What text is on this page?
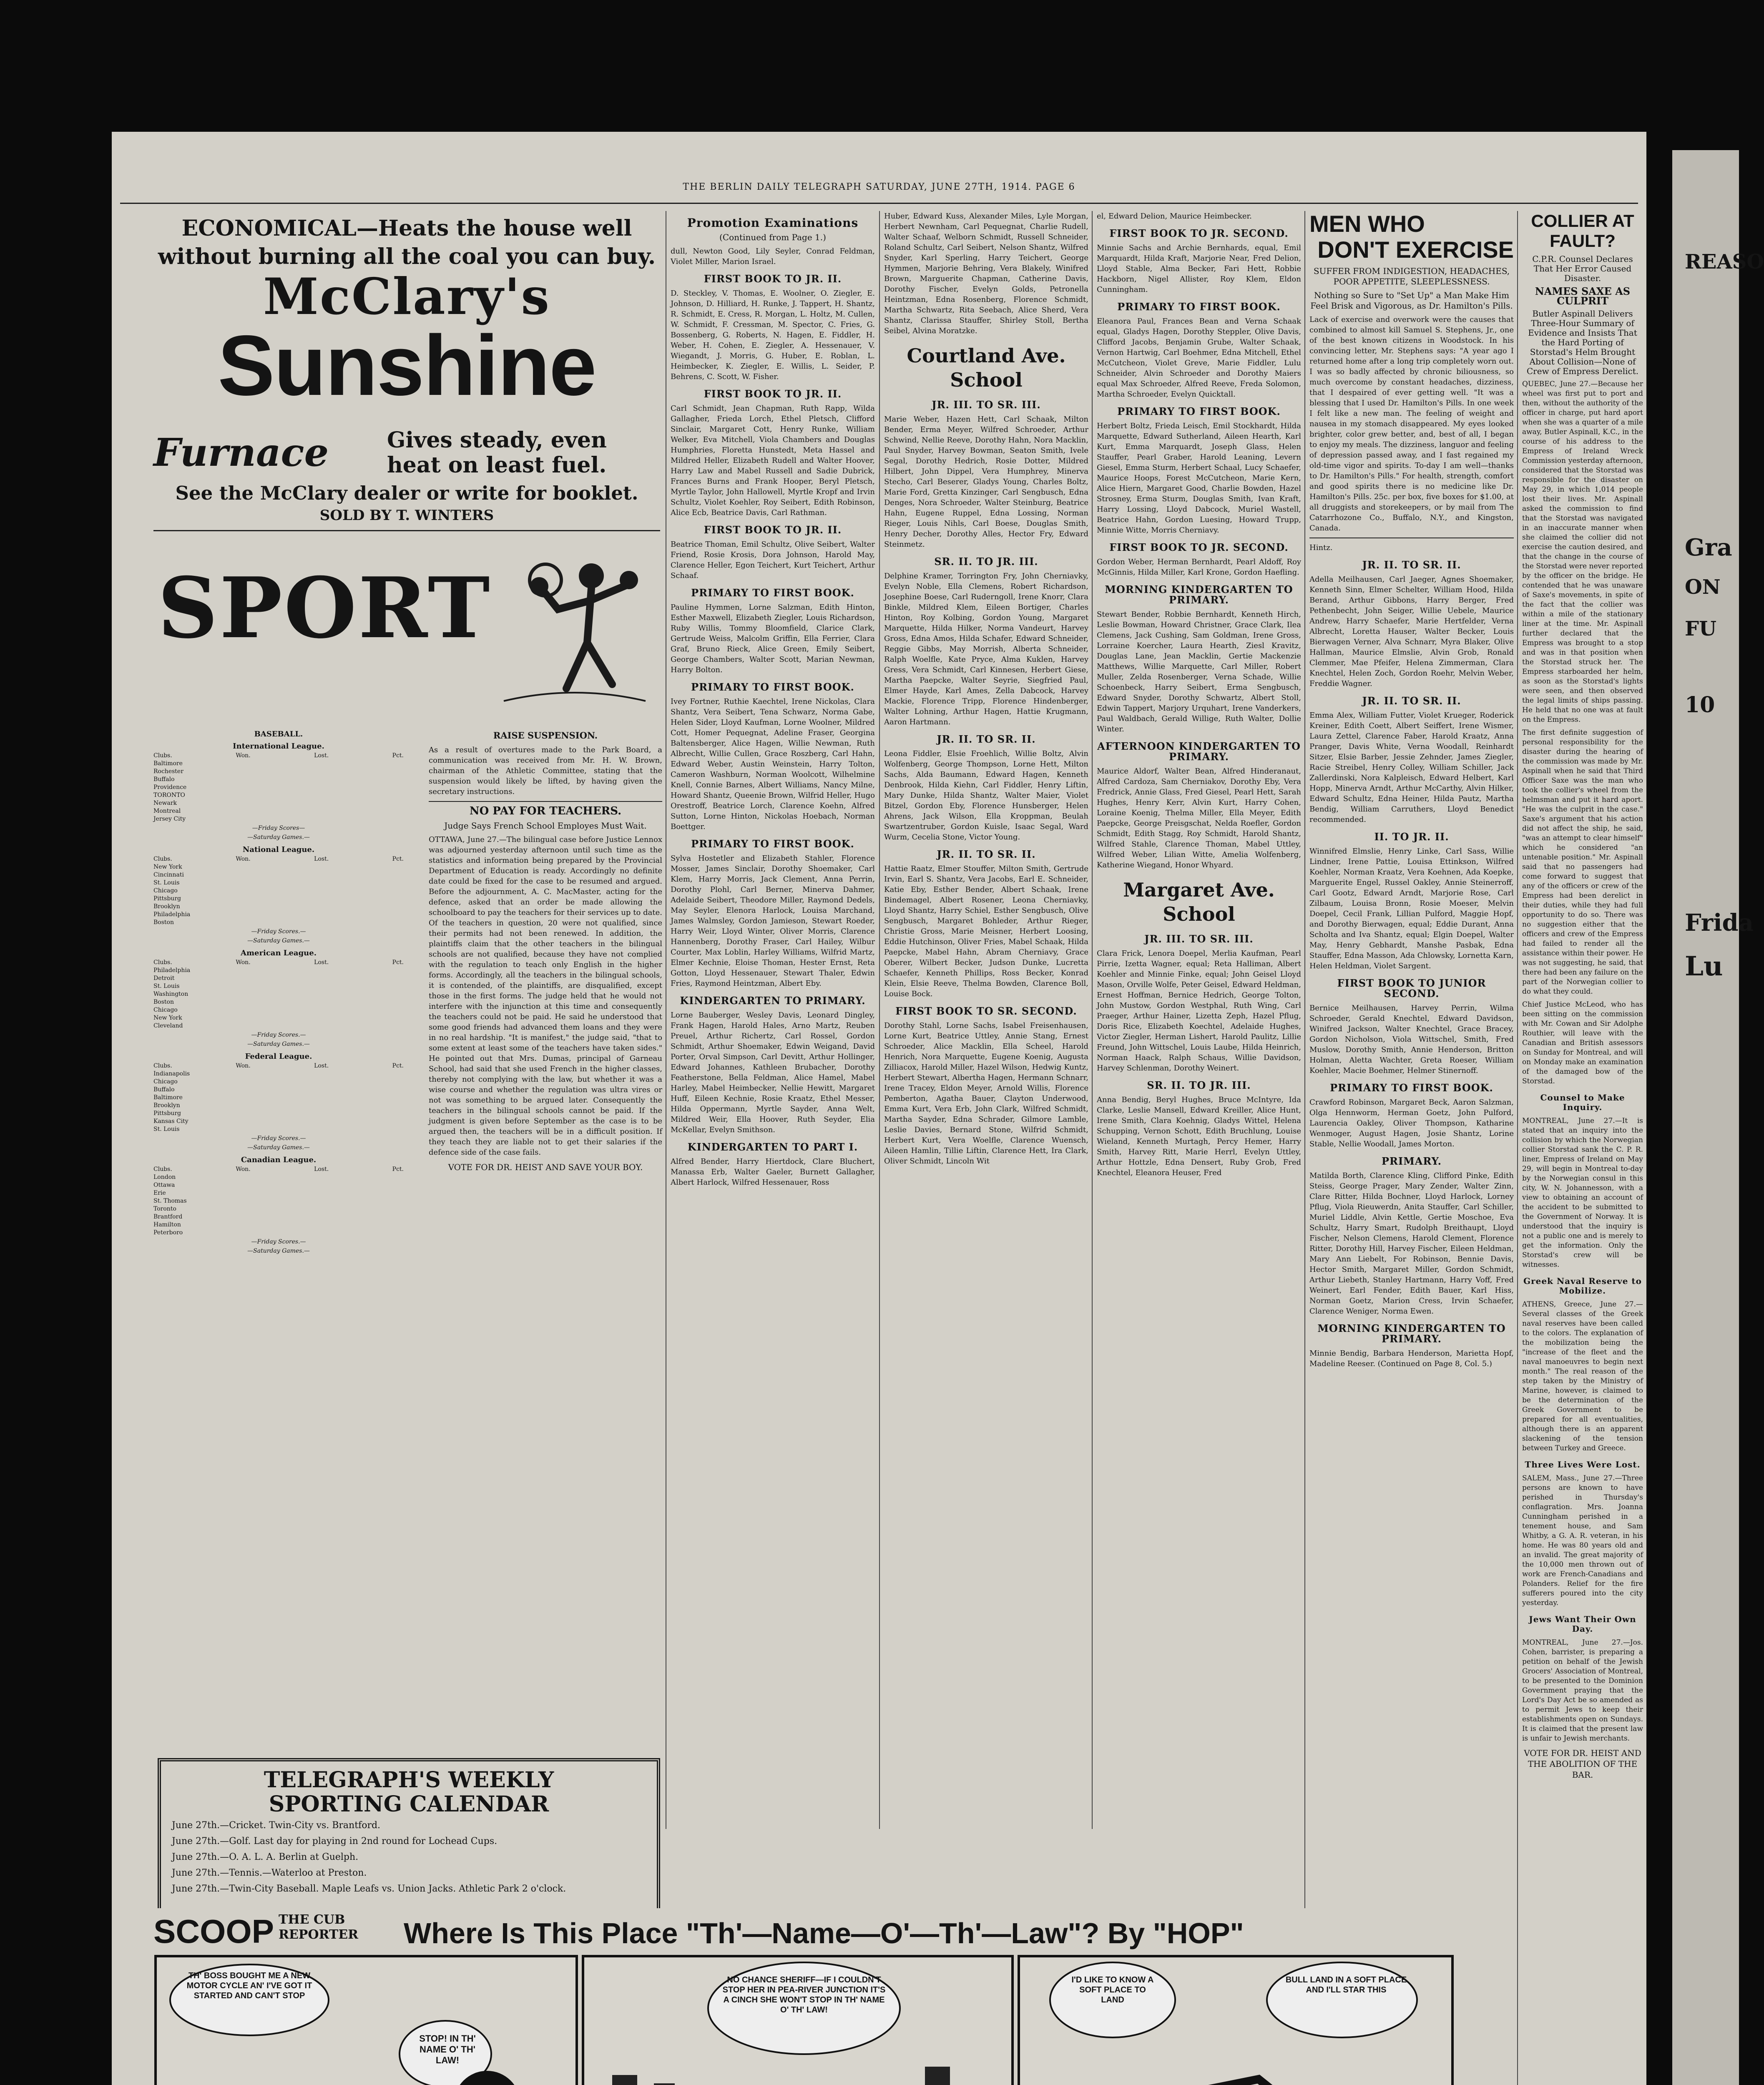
REASO
Gra
ON
FU
10
Frida
Lu
THE BERLIN DAILY TELEGRAPH SATURDAY, JUNE 27TH, 1914. PAGE 6
ECONOMICAL—Heats the house well
without burning all the coal you can buy.
McClary's
Sunshine
Furnace	Gives steady, even heat on least fuel.
See the McClary dealer or write for booklet.
SOLD BY T. WINTERS
SPORT
BASEBALL.
International League.
Clubs.	Won.	Lost.	Pct.
Baltimore
Rochester
Buffalo
Providence
TORONTO
Newark
Montreal
Jersey City
—Friday Scores—
—Saturday Games.—
National League.
Clubs.	Won.	Lost.	Pct.
New York
Cincinnati
St. Louis
Chicago
Pittsburg
Brooklyn
Philadelphia
Boston
—Friday Scores.—
—Saturday Games.—
American League.
Clubs.	Won.	Lost.	Pct.
Philadelphia
Detroit
St. Louis
Washington
Boston
Chicago
New York
Cleveland
—Friday Scores.—
—Saturday Games.—
Federal League.
Clubs.	Won.	Lost.	Pct.
Indianapolis
Chicago
Buffalo
Baltimore
Brooklyn
Pittsburg
Kansas City
St. Louis
—Friday Scores.—
—Saturday Games.—
Canadian League.
Clubs.	Won.	Lost.	Pct.
London
Ottawa
Erie
St. Thomas
Toronto
Brantford
Hamilton
Peterboro
—Friday Scores.—
—Saturday Games.—
RAISE SUSPENSION.

As a result of overtures made to the Park Board, a communication was received from Mr. H. W. Brown, chairman of the Athletic Committee, stating that the suspension would likely be lifted, by having given the secretary instructions.

NO PAY FOR TEACHERS.
Judge Says French School Employes Must Wait.

OTTAWA, June 27.—The bilingual case before Justice Lennox was adjourned yesterday afternoon until such time as the statistics and information being prepared by the Provincial Department of Education is ready. Accordingly no definite date could be fixed for the case to be resumed and argued. Before the adjournment, A. C. MacMaster, acting for the defence, asked that an order be made allowing the schoolboard to pay the teachers for their services up to date. Of the teachers in question, 20 were not qualified, since their permits had not been renewed. In addition, the plaintiffs claim that the other teachers in the bilingual schools are not qualified, because they have not complied with the regulation to teach only English in the higher forms. Accordingly, all the teachers in the bilingual schools, it is contended, of the plaintiffs, are disqualified, except those in the first forms. The judge held that he would not interfere with the injunction at this time and consequently the teachers could not be paid. He said he understood that some good friends had advanced them loans and they were in no real hardship. "It is manifest," the judge said, "that to some extent at least some of the teachers have taken sides." He pointed out that Mrs. Dumas, principal of Garneau School, had said that she used French in the higher classes, thereby not complying with the law, but whether it was a wise course and whether the regulation was ultra vires or not was something to be argued later. Consequently the teachers in the bilingual schools cannot be paid. If the judgment is given before September as the case is to be argued then, the teachers will be in a difficult position. If they teach they are liable not to get their salaries if the defence side of the case fails.

VOTE FOR DR. HEIST AND SAVE YOUR BOY.
TELEGRAPH'S WEEKLY
SPORTING CALENDAR
June 27th.—Cricket. Twin-City vs. Brantford.
June 27th.—Golf. Last day for playing in 2nd round for Lochead Cups.
June 27th.—O. A. L. A. Berlin at Guelph.
June 27th.—Tennis.—Waterloo at Preston.
June 27th.—Twin-City Baseball. Maple Leafs vs. Union Jacks. Athletic Park 2 o'clock.
Promotion Examinations
(Continued from Page 1.)

dull, Newton Good, Lily Seyler, Conrad Feldman, Violet Miller, Marion Israel.

FIRST BOOK TO JR. II.

D. Steckley, V. Thomas, E. Woolner, O. Ziegler, E. Johnson, D. Hilliard, H. Runke, J. Tappert, H. Shantz, R. Schmidt, E. Cress, R. Morgan, L. Holtz, M. Cullen, W. Schmidt, F. Cressman, M. Spector, C. Fries, G. Bossenberg, G. Roberts, N. Hagen, E. Fiddler, H. Weber, H. Cohen, E. Ziegler, A. Hessenauer, V. Wiegandt, J. Morris, G. Huber, E. Roblan, L. Heimbecker, K. Ziegler, E. Willis, L. Seider, P. Behrens, C. Scott, W. Fisher.

FIRST BOOK TO JR. II.

Carl Schmidt, Jean Chapman, Ruth Rapp, Wilda Gallagher, Frieda Lorch, Ethel Pletsch, Clifford Sinclair, Margaret Cott, Henry Runke, William Welker, Eva Mitchell, Viola Chambers and Douglas Humphries, Floretta Hunstedt, Meta Hassel and Mildred Heller, Elizabeth Rudell and Walter Hoover, Harry Law and Mabel Russell and Sadie Dubrick, Frances Burns and Frank Hooper, Beryl Pletsch, Myrtle Taylor, John Hallowell, Myrtle Kropf and Irvin Schultz, Violet Koehler, Roy Seibert, Edith Robinson, Alice Ecb, Beatrice Davis, Carl Rathman.

FIRST BOOK TO JR. II.

Beatrice Thoman, Emil Schultz, Olive Seibert, Walter Friend, Rosie Krosis, Dora Johnson, Harold May, Clarence Heller, Egon Teichert, Kurt Teichert, Arthur Schaaf.

PRIMARY TO FIRST BOOK.

Pauline Hymmen, Lorne Salzman, Edith Hinton, Esther Maxwell, Elizabeth Ziegler, Louis Richardson, Ruby Willis, Tommy Bloomfield, Clarice Clark, Gertrude Weiss, Malcolm Griffin, Ella Ferrier, Clara Graf, Bruno Rieck, Alice Green, Emily Seibert, George Chambers, Walter Scott, Marian Newman, Harry Bolton.

PRIMARY TO FIRST BOOK.

Ivey Fortner, Ruthie Kaechtel, Irene Nickolas, Clara Shantz, Vera Seibert, Tena Schwarz, Norma Gabe, Helen Sider, Lloyd Kaufman, Lorne Woolner, Mildred Cott, Homer Pequegnat, Adeline Fraser, Georgina Baltensberger, Alice Hagen, Willie Newman, Ruth Albrecht, Willie Cullen, Grace Roszberg, Carl Hahn, Edward Weber, Austin Weinstein, Harry Tolton, Cameron Washburn, Norman Woolcott, Wilhelmine Knell, Connie Barnes, Albert Williams, Nancy Milne, Howard Shantz, Queenie Brown, Wilfrid Heller, Hugo Orestroff, Beatrice Lorch, Clarence Koehn, Alfred Sutton, Lorne Hinton, Nickolas Hoebach, Norman Boettger.

PRIMARY TO FIRST BOOK.

Sylva Hostetler and Elizabeth Stahler, Florence Mosser, James Sinclair, Dorothy Shoemaker, Carl Klem, Harry Morris, Jack Clement, Anna Perrin, Dorothy Plohl, Carl Berner, Minerva Dahmer, Adelaide Seibert, Theodore Miller, Raymond Dedels, May Seyler, Elenora Harlock, Louisa Marchand, James Walmsley, Gordon Jamieson, Stewart Roeder, Harry Weir, Lloyd Winter, Oliver Morris, Clarence Hannenberg, Dorothy Fraser, Carl Hailey, Wilbur Courter, Max Loblin, Harley Williams, Wilfrid Martz, Elmer Kechnie, Eloise Thoman, Hester Ernst, Reta Gotton, Lloyd Hessenauer, Stewart Thaler, Edwin Fries, Raymond Heintzman, Albert Eby.

KINDERGARTEN TO PRIMARY.

Lorne Bauberger, Wesley Davis, Leonard Dingley, Frank Hagen, Harold Hales, Arno Martz, Reuben Preuel, Arthur Richertz, Carl Rossel, Gordon Schmidt, Arthur Shoemaker, Edwin Weigand, David Porter, Orval Simpson, Carl Devitt, Arthur Hollinger, Edward Johannes, Kathleen Brubacher, Dorothy Featherstone, Bella Feldman, Alice Hamel, Mabel Harley, Mabel Heimbecker, Nellie Hewitt, Margaret Huff, Eileen Kechnie, Rosie Kraatz, Ethel Messer, Hilda Oppermann, Myrtle Sayder, Anna Welt, Mildred Weir, Ella Hoover, Ruth Seyder, Elia McKellar, Evelyn Smithson.

KINDERGARTEN TO PART I.

Alfred Bender, Harry Hiertdock, Clare Bluchert, Manassa Erb, Walter Gaeler, Burnett Gallagher, Albert Harlock, Wilfred Hessenauer, Ross

Huber, Edward Kuss, Alexander Miles, Lyle Morgan, Herbert Newnham, Carl Pequegnat, Charlie Rudell, Walter Schaaf, Welborn Schmidt, Russell Schneider, Roland Schultz, Carl Seibert, Nelson Shantz, Wilfred Snyder, Karl Sperling, Harry Teichert, George Hymmen, Marjorie Behring, Vera Blakely, Winifred Brown, Marguerite Chapman, Catherine Davis, Dorothy Fischer, Evelyn Golds, Petronella Heintzman, Edna Rosenberg, Florence Schmidt, Martha Schwartz, Rita Seebach, Alice Sherd, Vera Shantz, Clarissa Stauffer, Shirley Stoll, Bertha Seibel, Alvina Moratzke.

Courtland Ave. School
JR. III. TO SR. III.

Marie Weber, Hazen Hett, Carl Schaak, Milton Bender, Erma Meyer, Wilfred Schroeder, Arthur Schwind, Nellie Reeve, Dorothy Hahn, Nora Macklin, Paul Snyder, Harvey Bowman, Seaton Smith, Ivele Segal, Dorothy Hedrich, Rosie Dotter, Mildred Hilbert, John Dippel, Vera Humphrey, Minerva Stecho, Carl Beserer, Gladys Young, Charles Boltz, Marie Ford, Gretta Kinzinger, Carl Sengbusch, Edna Denges, Nora Schroeder, Walter Steinburg, Beatrice Hahn, Eugene Ruppel, Edna Lossing, Norman Rieger, Louis Nihls, Carl Boese, Douglas Smith, Henry Decher, Dorothy Alles, Hector Fry, Edward Steinmetz.

SR. II. TO JR. III.

Delphine Kramer, Torrington Fry, John Cherniavky, Evelyn Noble, Ella Clemens, Robert Richardson, Josephine Boese, Carl Ruderngoll, Irene Knorr, Clara Binkle, Mildred Klem, Eileen Bortiger, Charles Hinton, Roy Kolbing, Gordon Young, Margaret Marquette, Hilda Hilker, Norma Vandeurt, Harvey Gross, Edna Amos, Hilda Schafer, Edward Schneider, Reggie Gibbs, May Morrish, Alberta Schneider, Ralph Woelfle, Kate Pryce, Alma Kuklen, Harvey Gress, Vera Schmidt, Carl Kinnesen, Herbert Giese, Martha Paepcke, Walter Seyrie, Siegfried Paul, Elmer Hayde, Karl Ames, Zella Dabcock, Harvey Mackie, Florence Tripp, Florence Hindenberger, Walter Lohning, Arthur Hagen, Hattie Krugmann, Aaron Hartmann.

JR. II. TO SR. II.

Leona Fiddler, Elsie Froehlich, Willie Boltz, Alvin Wolfenberg, George Thompson, Lorne Hett, Milton Sachs, Alda Baumann, Edward Hagen, Kenneth Denbrook, Hilda Kiehn, Carl Fiddler, Henry Liftin, Mary Dunke, Hilda Shantz, Walter Maier, Violet Bitzel, Gordon Eby, Florence Hunsberger, Helen Ahrens, Jack Wilson, Ella Kroppman, Beulah Swartzentruber, Gordon Kuisle, Isaac Segal, Ward Wurm, Cecelia Stone, Victor Young.

JR. II. TO SR. II.

Hattie Raatz, Elmer Stouffer, Milton Smith, Gertrude Irvin, Earl S. Shantz, Vera Jacobs, Earl E. Schneider, Katie Eby, Esther Bender, Albert Schaak, Irene Bindemagel, Albert Rosener, Leona Cherniavky, Lloyd Shantz, Harry Schiel, Esther Sengbusch, Olive Sengbusch, Margaret Bohleder, Arthur Rieger, Christie Gross, Marie Meisner, Herbert Loosing, Eddie Hutchinson, Oliver Fries, Mabel Schaak, Hilda Paepcke, Mabel Hahn, Abram Cherniavy, Grace Oberer, Wilbert Becker, Judson Dunke, Lucretta Schaefer, Kenneth Phillips, Ross Becker, Konrad Klein, Elsie Reeve, Thelma Bowden, Clarence Boll, Louise Bock.

FIRST BOOK TO SR. SECOND.

Dorothy Stahl, Lorne Sachs, Isabel Freisenhausen, Lorne Kurt, Beatrice Uttley, Annie Stang, Ernest Schroeder, Alice Macklin, Ella Scheel, Harold Henrich, Nora Marquette, Eugene Koenig, Augusta Zilliacox, Harold Miller, Hazel Wilson, Hedwig Kuntz, Herbert Stewart, Albertha Hagen, Hermann Schnarr, Irene Tracey, Eldon Meyer, Arnold Willis, Florence Pemberton, Agatha Bauer, Clayton Underwood, Emma Kurt, Vera Erb, John Clark, Wilfred Schmidt, Martha Sayder, Edna Schrader, Gilmore Lamble, Leslie Davies, Bernard Stone, Wilfrid Schmidt, Herbert Kurt, Vera Woelfle, Clarence Wuensch, Aileen Hamlin, Tillie Liftin, Clarence Hett, Ira Clark, Oliver Schmidt, Lincoln Wit

el, Edward Delion, Maurice Heimbecker.

FIRST BOOK TO JR. SECOND.

Minnie Sachs and Archie Bernhards, equal, Emil Marquardt, Hilda Kraft, Marjorie Near, Fred Delion, Lloyd Stable, Alma Becker, Fari Hett, Robbie Hackborn, Nigel Allister, Roy Klem, Eldon Cunningham.

PRIMARY TO FIRST BOOK.

Eleanora Paul, Frances Bean and Verna Schaak equal, Gladys Hagen, Dorothy Steppler, Olive Davis, Clifford Jacobs, Benjamin Grube, Walter Schaak, Vernon Hartwig, Carl Boehmer, Edna Mitchell, Ethel McCutcheon, Violet Greve, Marie Fiddler, Lulu Schneider, Alvin Schroeder and Dorothy Maiers equal Max Schroeder, Alfred Reeve, Freda Solomon, Martha Schroeder, Evelyn Quicktall.

PRIMARY TO FIRST BOOK.

Herbert Boltz, Frieda Leisch, Emil Stockhardt, Hilda Marquette, Edward Sutherland, Aileen Hearth, Karl Kurt, Emma Marquardt, Joseph Glass, Helen Stauffer, Pearl Graber, Harold Leaning, Levern Giesel, Emma Sturm, Herbert Schaal, Lucy Schaefer, Maurice Hoops, Forest McCutcheon, Marie Kern, Alice Hiern, Margaret Good, Charlie Bowden, Hazel Strosney, Erma Sturm, Douglas Smith, Ivan Kraft, Harry Lossing, Lloyd Dabcock, Muriel Wastell, Beatrice Hahn, Gordon Luesing, Howard Trupp, Minnie Witte, Morris Cherniavy.

FIRST BOOK TO JR. SECOND.

Gordon Weber, Herman Bernhardt, Pearl Aldoff, Roy McGinnis, Hilda Miller, Karl Krone, Gordon Haefling.

MORNING KINDERGARTEN TO PRIMARY.

Stewart Bender, Robbie Bernhardt, Kenneth Hirch, Leslie Bowman, Howard Christner, Grace Clark, Ilea Clemens, Jack Cushing, Sam Goldman, Irene Gross, Lorraine Koercher, Laura Hearth, Ziesl Kravitz, Douglas Lane, Jean Macklin, Gertie Mackenzie Matthews, Willie Marquette, Carl Miller, Robert Muller, Zelda Rosenberger, Verna Schade, Willie Schoenbeck, Harry Seibert, Erma Sengbusch, Edward Snyder, Dorothy Schwartz, Albert Stoll, Edwin Tappert, Marjory Urquhart, Irene Vanderkers, Paul Waldbach, Gerald Willige, Ruth Walter, Dollie Winter.

AFTERNOON KINDERGARTEN TO PRIMARY.

Maurice Aldorf, Walter Bean, Alfred Hinderanaut, Alfred Cardoza, Sam Cherniakov, Dorothy Eby, Vera Fredrick, Annie Glass, Fred Giesel, Pearl Hett, Sarah Hughes, Henry Kerr, Alvin Kurt, Harry Cohen, Loraine Koenig, Thelma Miller, Ella Meyer, Edith Paepcke, George Preisgschat, Nelda Roefler, Gordon Schmidt, Edith Stagg, Roy Schmidt, Harold Shantz, Wilfred Stahle, Clarence Thoman, Mabel Uttley, Wilfred Weber, Lilian Witte, Amelia Wolfenberg, Katherine Wiegand, Honor Whyard.

Margaret Ave. School
JR. III. TO SR. III.

Clara Frick, Lenora Doepel, Merlia Kaufman, Pearl Pirrie, Izetta Wagner, equal; Reta Halliman, Albert Koehler and Minnie Finke, equal; John Geisel Lloyd Mason, Orville Wolfe, Peter Geisel, Edward Heldman, Ernest Hoffman, Bernice Hedrich, George Tolton, John Mustow, Gordon Westphal, Ruth Wing, Carl Praeger, Arthur Hainer, Lizetta Zeph, Hazel Pflug, Doris Rice, Elizabeth Koechtel, Adelaide Hughes, Victor Ziegler, Herman Lishert, Harold Paulitz, Lillie Freund, John Wittschel, Louis Laube, Hilda Heinrich, Norman Haack, Ralph Schaus, Willie Davidson, Harvey Schlenman, Dorothy Weinert.

SR. II. TO JR. III.

Anna Bendig, Beryl Hughes, Bruce McIntyre, Ida Clarke, Leslie Mansell, Edward Kreiller, Alice Hunt, Irene Smith, Clara Koehnig, Gladys Wittel, Helena Schupping, Vernon Schott, Edith Bruchlung, Louise Wieland, Kenneth Murtagh, Percy Hemer, Harry Smith, Harvey Ritt, Marie Herrl, Evelyn Uttley, Arthur Hottzle, Edna Densert, Ruby Grob, Fred Knechtel, Eleanora Heuser, Fred

MEN WHO
DON'T EXERCISE
SUFFER FROM INDIGESTION, HEADACHES, POOR APPETITE, SLEEPLESSNESS.
Nothing so Sure to "Set Up" a Man Make Him Feel Brisk and Vigorous, as Dr. Hamilton's Pills.

Lack of exercise and overwork were the causes that combined to almost kill Samuel S. Stephens, Jr., one of the best known citizens in Woodstock. In his convincing letter, Mr. Stephens says: "A year ago I returned home after a long trip completely worn out. I was so badly affected by chronic biliousness, so much overcome by constant headaches, dizziness, that I despaired of ever getting well. "It was a blessing that I used Dr. Hamilton's Pills. In one week I felt like a new man. The feeling of weight and nausea in my stomach disappeared. My eyes looked brighter, color grew better, and, best of all, I began to enjoy my meals. The dizziness, languor and feeling of depression passed away, and I fast regained my old-time vigor and spirits. To-day I am well—thanks to Dr. Hamilton's Pills." For health, strength, comfort and good spirits there is no medicine like Dr. Hamilton's Pills. 25c. per box, five boxes for $1.00, at all druggists and storekeepers, or by mail from The Catarrhozone Co., Buffalo, N.Y., and Kingston, Canada.

Hintz.

JR. II. TO SR. II.

Adella Meilhausen, Carl Jaeger, Agnes Shoemaker, Kenneth Sinn, Elmer Schelter, William Hood, Hilda Berand, Arthur Gibbons, Harry Berger, Fred Pethenbecht, John Seiger, Willie Uebele, Maurice Andrew, Harry Schaefer, Marie Hertfelder, Verna Albrecht, Loretta Hauser, Walter Becker, Louis Bierwagen Verner, Alva Schnarr, Myra Blaker, Olive Hallman, Maurice Elmslie, Alvin Grob, Ronald Clemmer, Mae Pfeifer, Helena Zimmerman, Clara Knechtel, Helen Zoch, Gordon Roehr, Melvin Weber, Freddie Wagner.

JR. II. TO SR. II.

Emma Alex, William Futter, Violet Krueger, Roderick Kreiner, Edith Coett, Albert Seiffert, Irene Wismer, Laura Zettel, Clarence Faber, Harold Kraatz, Anna Pranger, Davis White, Verna Woodall, Reinhardt Sitzer, Elsie Barber, Jessie Zehnder, James Ziegler, Racie Streibel, Henry Colley, William Schiller, Jack Zallerdinski, Nora Kalpleisch, Edward Helbert, Karl Hopp, Minerva Arndt, Arthur McCarthy, Alvin Hilker, Edward Schultz, Edna Heiner, Hilda Pautz, Martha Bendig, William Carruthers, Lloyd Benedict recommended.

II. TO JR. II.

Winnifred Elmslie, Henry Linke, Carl Sass, Willie Lindner, Irene Pattie, Louisa Ettinkson, Wilfred Koehler, Norman Kraatz, Vera Koehnen, Ada Koepke, Marguerite Engel, Russel Oakley, Annie Steinerroff, Carl Gootz, Edward Arndt, Marjorie Rose, Carl Zilbaum, Louisa Bronn, Rosie Moeser, Melvin Doepel, Cecil Frank, Lillian Pulford, Maggie Hopf, and Dorothy Bierwagen, equal; Eddie Durant, Anna Scholta and Iva Shantz, equal; Elgin Doepel, Walter May, Henry Gebhardt, Manshe Pasbak, Edna Stauffer, Edna Masson, Ada Chlowsky, Lornetta Karn, Helen Heldman, Violet Sargent.

FIRST BOOK TO JUNIOR SECOND.

Bernice Meilhausen, Harvey Perrin, Wilma Schroeder, Gerald Knechtel, Edward Davidson, Winifred Jackson, Walter Knechtel, Grace Bracey, Gordon Nicholson, Viola Wittschel, Smith, Fred Muslow, Dorothy Smith, Annie Henderson, Britton Holman, Aletta Wachter, Greta Roeser, William Koehler, Macie Boehmer, Helmer Stinernoff.

PRIMARY TO FIRST BOOK.

Crawford Robinson, Margaret Beck, Aaron Salzman, Olga Hennworm, Herman Goetz, John Pulford, Laurencia Oakley, Oliver Thompson, Katharine Wenmoger, August Hagen, Josie Shantz, Lorine Stable, Nellie Woodall, James Morton.

PRIMARY.

Matilda Borth, Clarence Kling, Clifford Pinke, Edith Steiss, George Prager, Mary Zender, Walter Zinn, Clare Ritter, Hilda Bochner, Lloyd Harlock, Lorney Pflug, Viola Rieuwerdn, Anita Stauffer, Carl Schiller, Muriel Liddle, Alvin Kettle, Gertie Moschoe, Eva Schultz, Harry Smart, Rudolph Breithaupt, Lloyd Fischer, Nelson Clemens, Harold Clement, Florence Ritter, Dorothy Hill, Harvey Fischer, Eileen Heldman, Mary Ann Liebelt, For Robinson, Bennie Davis, Hector Smith, Margaret Miller, Gordon Schmidt, Arthur Liebeth, Stanley Hartmann, Harry Voff, Fred Weinert, Earl Fender, Edith Bauer, Karl Hiss, Norman Goetz, Marion Cress, Irvin Schaefer, Clarence Weniger, Norma Ewen.

MORNING KINDERGARTEN TO PRIMARY.

Minnie Bendig, Barbara Henderson, Marietta Hopf, Madeline Reeser. (Continued on Page 8, Col. 5.)

COLLIER AT FAULT?
C.P.R. Counsel Declares That Her Error Caused Disaster.
NAMES SAXE AS CULPRIT
Butler Aspinall Delivers Three-Hour Summary of Evidence and Insists That the Hard Porting of Storstad's Helm Brought About Collision—None of Crew of Empress Derelict.

QUEBEC, June 27.—Because her wheel was first put to port and then, without the authority of the officer in charge, put hard aport when she was a quarter of a mile away, Butler Aspinall, K.C., in the course of his address to the Empress of Ireland Wreck Commission yesterday afternoon, considered that the Storstad was responsible for the disaster on May 29, in which 1,014 people lost their lives. Mr. Aspinall asked the commission to find that the Storstad was navigated in an inaccurate manner when she claimed the collier did not exercise the caution desired, and that the change in the course of the Storstad were never reported by the officer on the bridge. He contended that he was unaware of Saxe's movements, in spite of the fact that the collier was within a mile of the stationary liner at the time. Mr. Aspinall further declared that the Empress was brought to a stop and was in that position when the Storstad struck her. The Empress starboarded her helm, as soon as the Storstad's lights were seen, and then observed the legal limits of ships passing. He held that no one was at fault on the Empress.

The first definite suggestion of personal responsibility for the disaster during the hearing of the commission was made by Mr. Aspinall when he said that Third Officer Saxe was the man who took the collier's wheel from the helmsman and put it hard aport. "He was the culprit in the case." Saxe's argument that his action did not affect the ship, he said, "was an attempt to clear himself" which he considered "an untenable position." Mr. Aspinall said that no passengers had come forward to suggest that any of the officers or crew of the Empress had been derelict in their duties, while they had full opportunity to do so. There was no suggestion either that the officers and crew of the Empress had failed to render all the assistance within their power. He was not suggesting, he said, that there had been any failure on the part of the Norwegian collier to do what they could.

Chief Justice McLeod, who has been sitting on the commission with Mr. Cowan and Sir Adolphe Routhier, will leave with the Canadian and British assessors on Sunday for Montreal, and will on Monday make an examination of the damaged bow of the Storstad.

Counsel to Make Inquiry.

MONTREAL, June 27.—It is stated that an inquiry into the collision by which the Norwegian collier Storstad sank the C. P. R. liner, Empress of Ireland on May 29, will begin in Montreal to-day by the Norwegian consul in this city, W. N. Johannesson, with a view to obtaining an account of the accident to be submitted to the Government of Norway. It is understood that the inquiry is not a public one and is merely to get the information. Only the Storstad's crew will be witnesses.

Greek Naval Reserve to Mobilize.

ATHENS, Greece, June 27.—Several classes of the Greek naval reserves have been called to the colors. The explanation of the mobilization being the "increase of the fleet and the naval manoeuvres to begin next month." The real reason of the step taken by the Ministry of Marine, however, is claimed to be the determination of the Greek Government to be prepared for all eventualities, although there is an apparent slackening of the tension between Turkey and Greece.

Three Lives Were Lost.

SALEM, Mass., June 27.—Three persons are known to have perished in Thursday's conflagration. Mrs. Joanna Cunningham perished in a tenement house, and Sam Whitby, a G. A. R. veteran, in his home. He was 80 years old and an invalid. The great majority of the 10,000 men thrown out of work are French-Canadians and Polanders. Relief for the fire sufferers poured into the city yesterday.

Jews Want Their Own Day.

MONTREAL, June 27.—Jos. Cohen, barrister, is preparing a petition on behalf of the Jewish Grocers' Association of Montreal, to be presented to the Dominion Government praying that the Lord's Day Act be so amended as to permit Jews to keep their establishments open on Sundays. It is claimed that the present law is unfair to Jewish merchants.

VOTE FOR DR. HEIST AND THE ABOLITION OF THE BAR.
SCOOP THE CUB
REPORTER Where Is This Place "Th'—Name—O'—Th'—Law"? By "HOP"
TH' BOSS BOUGHT ME A NEW MOTOR CYCLE AN' I'VE GOT IT STARTED AND CAN'T STOP
STOP! IN TH' NAME O' TH' LAW!
NO CHANCE SHERIFF—IF I COULDN'T STOP HER IN PEA-RIVER JUNCTION IT'S A CINCH SHE WON'T STOP IN TH' NAME O' TH' LAW!
I'D LIKE TO KNOW A SOFT PLACE TO LAND
BULL LAND IN A SOFT PLACE AND I'LL STAR THIS
